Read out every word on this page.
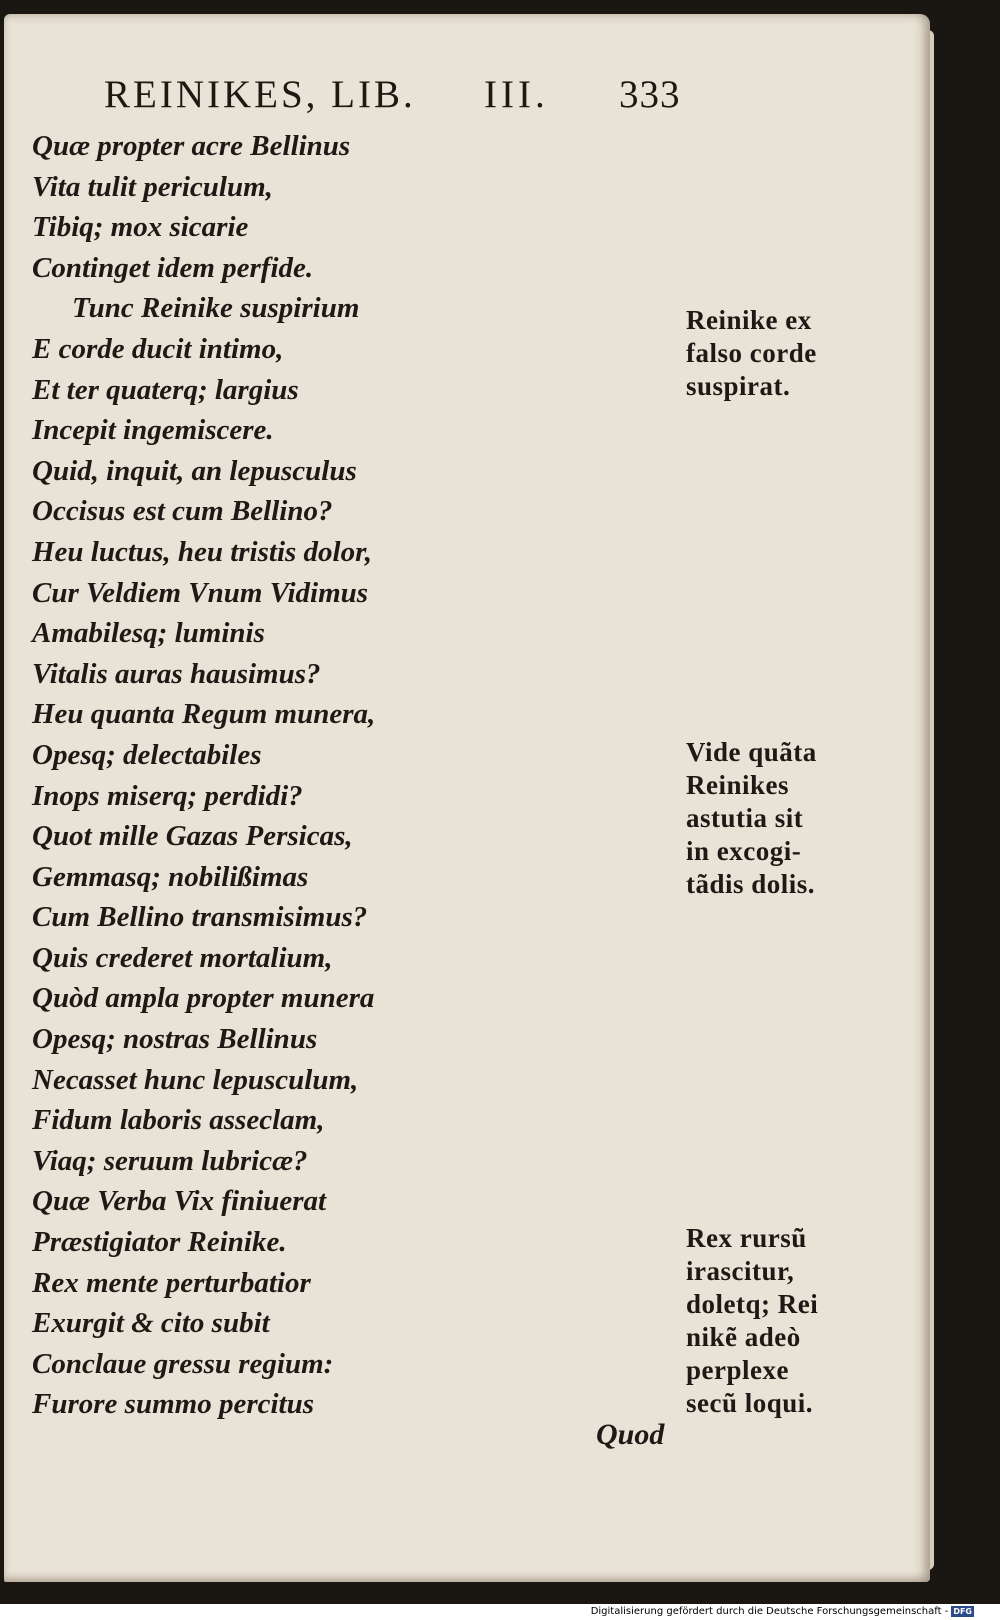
REINIKES, LIB. III. 333
Quæ propter acre Bellinus
Vita tulit periculum,
Tibiq; mox sicarie
Continget idem perfide.
Tunc Reinike suspirium
E corde ducit intimo,
Et ter quaterq; largius
Incepit ingemiscere.
Quid, inquit, an lepusculus
Occisus est cum Bellino?
Heu luctus, heu tristis dolor,
Cur Veldiem Vnum Vidimus
Amabilesq; luminis
Vitalis auras hausimus?
Heu quanta Regum munera,
Opesq; delectabiles
Inops miserq; perdidi?
Quot mille Gazas Persicas,
Gemmasq; nobilißimas
Cum Bellino transmisimus?
Quis crederet mortalium,
Quòd ampla propter munera
Opesq; nostras Bellinus
Necasset hunc lepusculum,
Fidum laboris asseclam,
Viaq; seruum lubricæ?
Quæ Verba Vix finiuerat
Præstigiator Reinike.
Rex mente perturbatior
Exurgit & cito subit
Conclaue gressu regium:
Furore summo percitus
Reinike ex
falso corde
suspirat.
Vide quãta
Reinikes
astutia sit
in excogi-
tãdis dolis.
Rex rursũ
irascitur,
doletq; Rei
nikẽ adeò
perplexe
secũ loqui.
Quod
Digitalisierung gefördert durch die Deutsche Forschungsgemeinschaft - DFG
